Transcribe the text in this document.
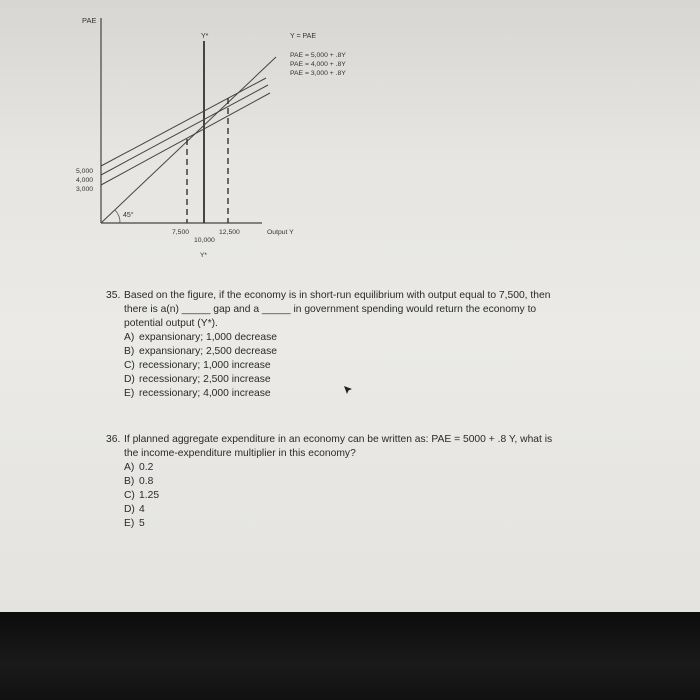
PAE
Y*
45°
Y = PAE
PAE = 5,000 + .8Y
PAE = 4,000 + .8Y
PAE = 3,000 + .8Y
5,000
4,000
3,000
7,500
10,000
12,500	Output Y
Y*
35. Based on the figure, if the economy is in short-run equilibrium with output equal to 7,500, then
there is a(n) _____ gap and a _____ in government spending would return the economy to
potential output (Y*).
A) expansionary; 1,000 decrease
B) expansionary; 2,500 decrease
C) recessionary; 1,000 increase
D) recessionary; 2,500 increase
E) recessionary; 4,000 increase
36. If planned aggregate expenditure in an economy can be written as: PAE = 5000 + .8 Y, what is
the income-expenditure multiplier in this economy?
A) 0.2
B) 0.8
C) 1.25
D) 4
E) 5
